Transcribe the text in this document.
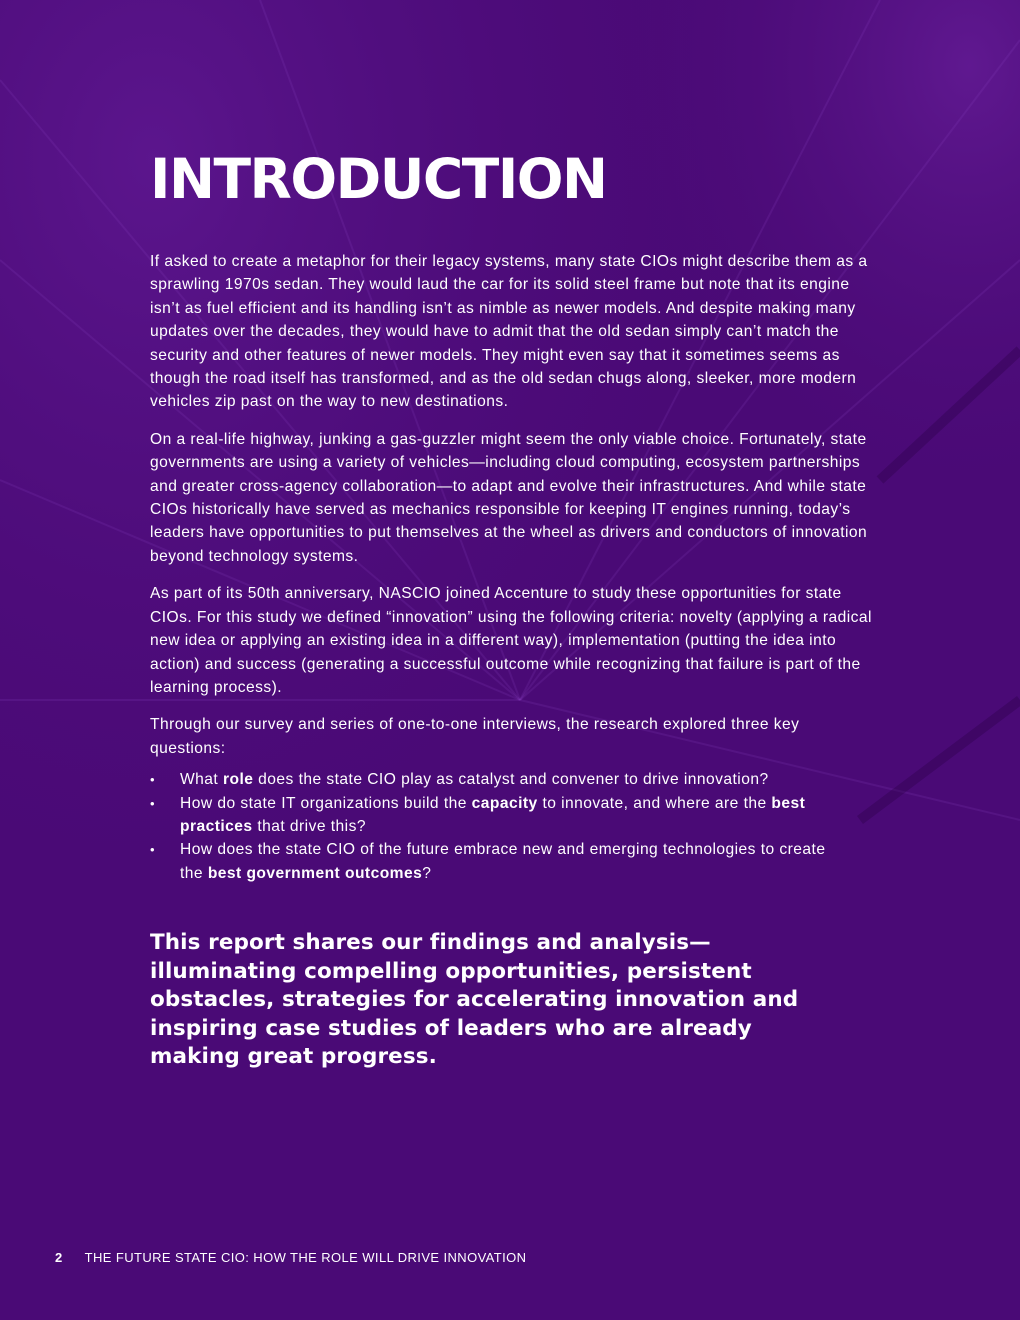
INTRODUCTION

If asked to create a metaphor for their legacy systems, many state CIOs might describe them as a sprawling 1970s sedan. They would laud the car for its solid steel frame but note that its engine isn’t as fuel efficient and its handling isn’t as nimble as newer models. And despite making many updates over the decades, they would have to admit that the old sedan simply can’t match the security and other features of newer models. They might even say that it sometimes seems as though the road itself has transformed, and as the old sedan chugs along, sleeker, more modern vehicles zip past on the way to new destinations.

On a real-life highway, junking a gas-guzzler might seem the only viable choice. Fortunately, state governments are using a variety of vehicles—including cloud computing, ecosystem partnerships and greater cross-agency collaboration—to adapt and evolve their infrastructures. And while state CIOs historically have served as mechanics responsible for keeping IT engines running, today’s leaders have opportunities to put themselves at the wheel as drivers and conductors of innovation beyond technology systems.

As part of its 50th anniversary, NASCIO joined Accenture to study these opportunities for state CIOs. For this study we defined “innovation” using the following criteria: novelty (applying a radical new idea or applying an existing idea in a different way), implementation (putting the idea into action) and success (generating a successful outcome while recognizing that failure is part of the learning process).

Through our survey and series of one-to-one interviews, the research explored three key questions:

• What role does the state CIO play as catalyst and convener to drive innovation?
• How do state IT organizations build the capacity to innovate, and where are the best practices that drive this?
• How does the state CIO of the future embrace new and emerging technologies to create the best government outcomes?

This report shares our findings and analysis—illuminating compelling opportunities, persistent obstacles, strategies for accelerating innovation and inspiring case studies of leaders who are already making great progress.

2 THE FUTURE STATE CIO: HOW THE ROLE WILL DRIVE INNOVATION
